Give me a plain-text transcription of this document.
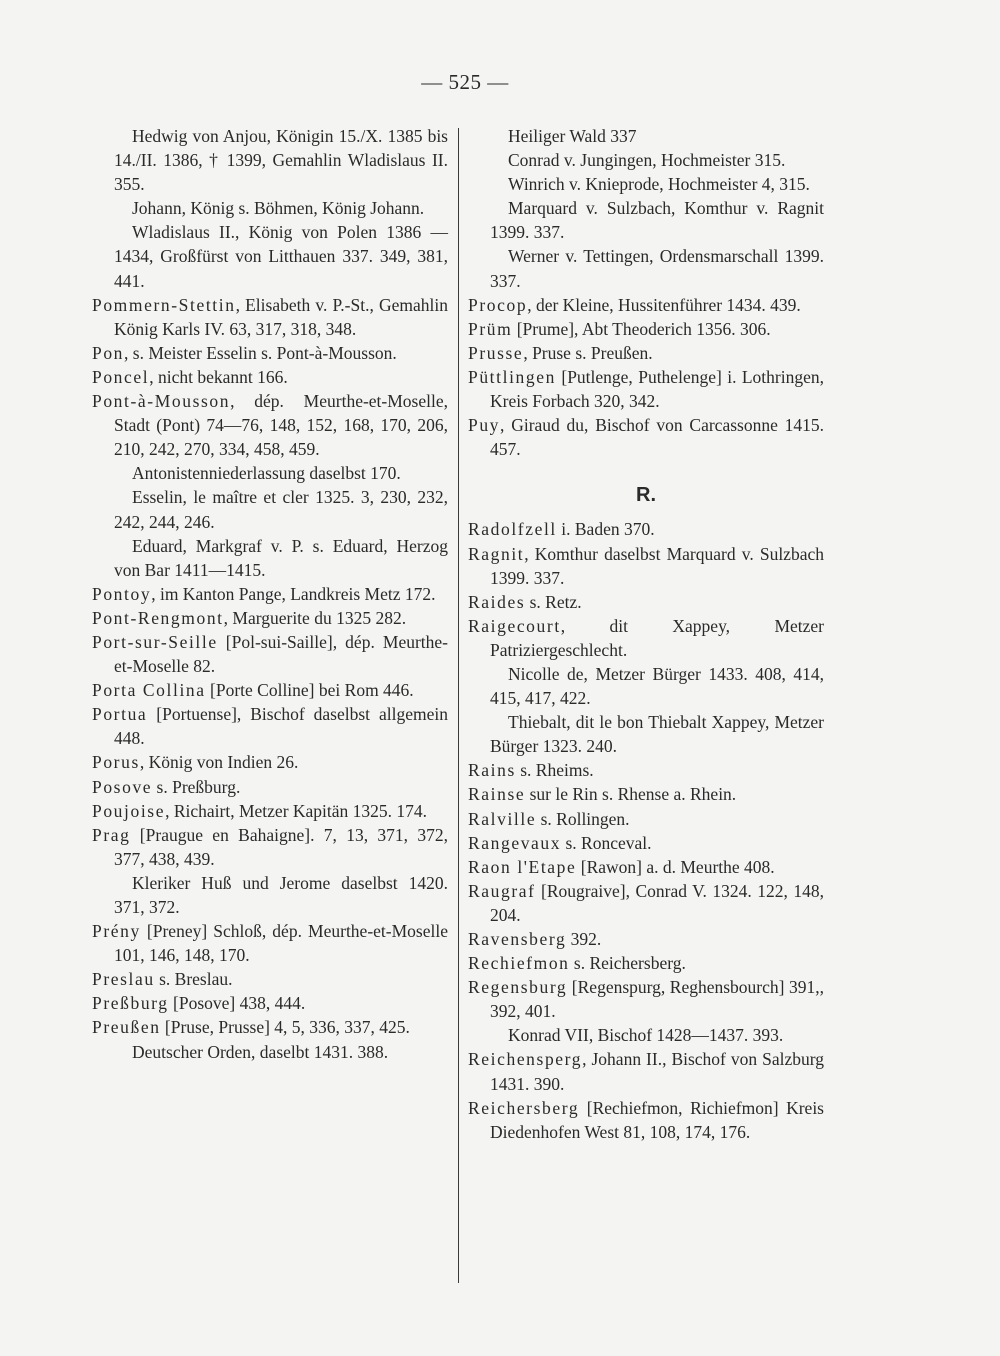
— 525 —

Hedwig von Anjou, Königin 15./X. 1385 bis 14./II. 1386, † 1399, Gemahlin Wladislaus II. 355.

Johann, König s. Böhmen, König Johann.

Wladislaus II., König von Polen 1386 — 1434, Großfürst von Litthauen 337. 349, 381, 441.

Pommern-Stettin, Elisabeth v. P.-St., Gemahlin König Karls IV. 63, 317, 318, 348.

Pon, s. Meister Esselin s. Pont-à-Mousson.

Poncel, nicht bekannt 166.

Pont-à-Mousson, dép. Meurthe-et-Moselle, Stadt (Pont) 74—76, 148, 152, 168, 170, 206, 210, 242, 270, 334, 458, 459.

Antonistenniederlassung daselbst 170.

Esselin, le maître et cler 1325. 3, 230, 232, 242, 244, 246.

Eduard, Markgraf v. P. s. Eduard, Herzog von Bar 1411—1415.

Pontoy, im Kanton Pange, Landkreis Metz 172.

Pont-Rengmont, Marguerite du 1325 282.

Port-sur-Seille [Pol-sui-Saille], dép. Meurthe-et-Moselle 82.

Porta Collina [Porte Colline] bei Rom 446.

Portua [Portuense], Bischof daselbst allgemein 448.

Porus, König von Indien 26.

Posove s. Preßburg.

Poujoise, Richairt, Metzer Kapitän 1325. 174.

Prag [Praugue en Bahaigne]. 7, 13, 371, 372, 377, 438, 439.

Kleriker Huß und Jerome daselbst 1420. 371, 372.

Prény [Preney] Schloß, dép. Meurthe-et-Moselle 101, 146, 148, 170.

Preslau s. Breslau.

Preßburg [Posove] 438, 444.

Preußen [Pruse, Prusse] 4, 5, 336, 337, 425.

Deutscher Orden, daselbt 1431. 388.

Heiliger Wald 337

Conrad v. Jungingen, Hochmeister 315.

Winrich v. Knieprode, Hochmeister 4, 315.

Marquard v. Sulzbach, Komthur v. Ragnit 1399. 337.

Werner v. Tettingen, Ordensmarschall 1399. 337.

Procop, der Kleine, Hussitenführer 1434. 439.

Prüm [Prume], Abt Theoderich 1356. 306.

Prusse, Pruse s. Preußen.

Püttlingen [Putlenge, Puthelenge] i. Lothringen, Kreis Forbach 320, 342.

Puy, Giraud du, Bischof von Carcassonne 1415. 457.

R.

Radolfzell i. Baden 370.

Ragnit, Komthur daselbst Marquard v. Sulzbach 1399. 337.

Raides s. Retz.

Raigecourt, dit Xappey, Metzer Patriziergeschlecht.

Nicolle de, Metzer Bürger 1433. 408, 414, 415, 417, 422.

Thiebalt, dit le bon Thiebalt Xappey, Metzer Bürger 1323. 240.

Rains s. Rheims.

Rainse sur le Rin s. Rhense a. Rhein.

Ralville s. Rollingen.

Rangevaux s. Ronceval.

Raon l'Etape [Rawon] a. d. Meurthe 408.

Raugraf [Rougraive], Conrad V. 1324. 122, 148, 204.

Ravensberg 392.

Rechiefmon s. Reichersberg.

Regensburg [Regenspurg, Reghensbourch] 391,, 392, 401.

Konrad VII, Bischof 1428—1437. 393.

Reichensperg, Johann II., Bischof von Salzburg 1431. 390.

Reichersberg [Rechiefmon, Richiefmon] Kreis Diedenhofen West 81, 108, 174, 176.
